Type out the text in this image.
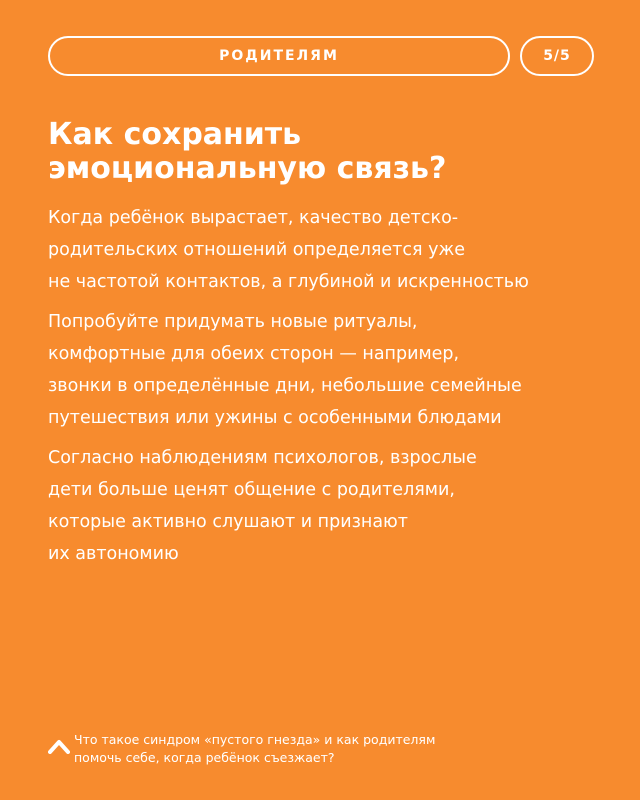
РОДИТЕЛЯМ	5/5
Как сохранить
эмоциональную связь?

Когда ребёнок вырастает, качество детско-
родительских отношений определяется уже
не частотой контактов, а глубиной и искренностью

Попробуйте придумать новые ритуалы,
комфортные для обеих сторон — например,
звонки в определённые дни, небольшие семейные
путешествия или ужины с особенными блюдами

Согласно наблюдениям психологов, взрослые
дети больше ценят общение с родителями,
которые активно слушают и признают
их автономию

Что такое синдром «пустого гнезда» и как родителям
помочь себе, когда ребёнок съезжает?
